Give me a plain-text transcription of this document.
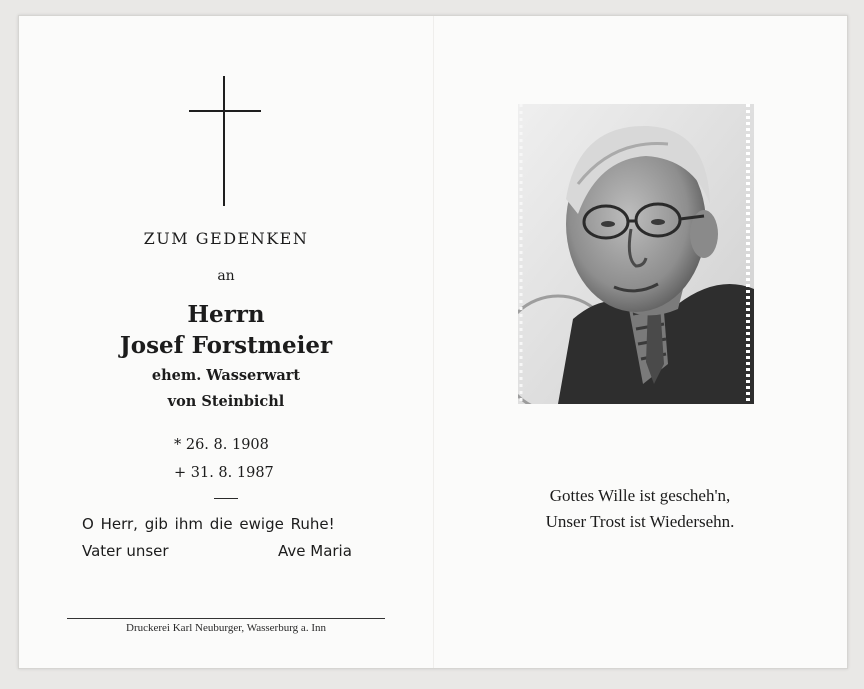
ZUM GEDENKEN
an
Herrn
Josef Forstmeier
ehem. Wasserwart
von Steinbichl
* 26. 8. 1908
+ 31. 8. 1987
O Herr, gib ihm die ewige Ruhe!
Vater unser	Ave Maria
Druckerei Karl Neuburger, Wasserburg a. Inn
Gottes Wille ist gescheh'n,
Unser Trost ist Wiedersehn.
